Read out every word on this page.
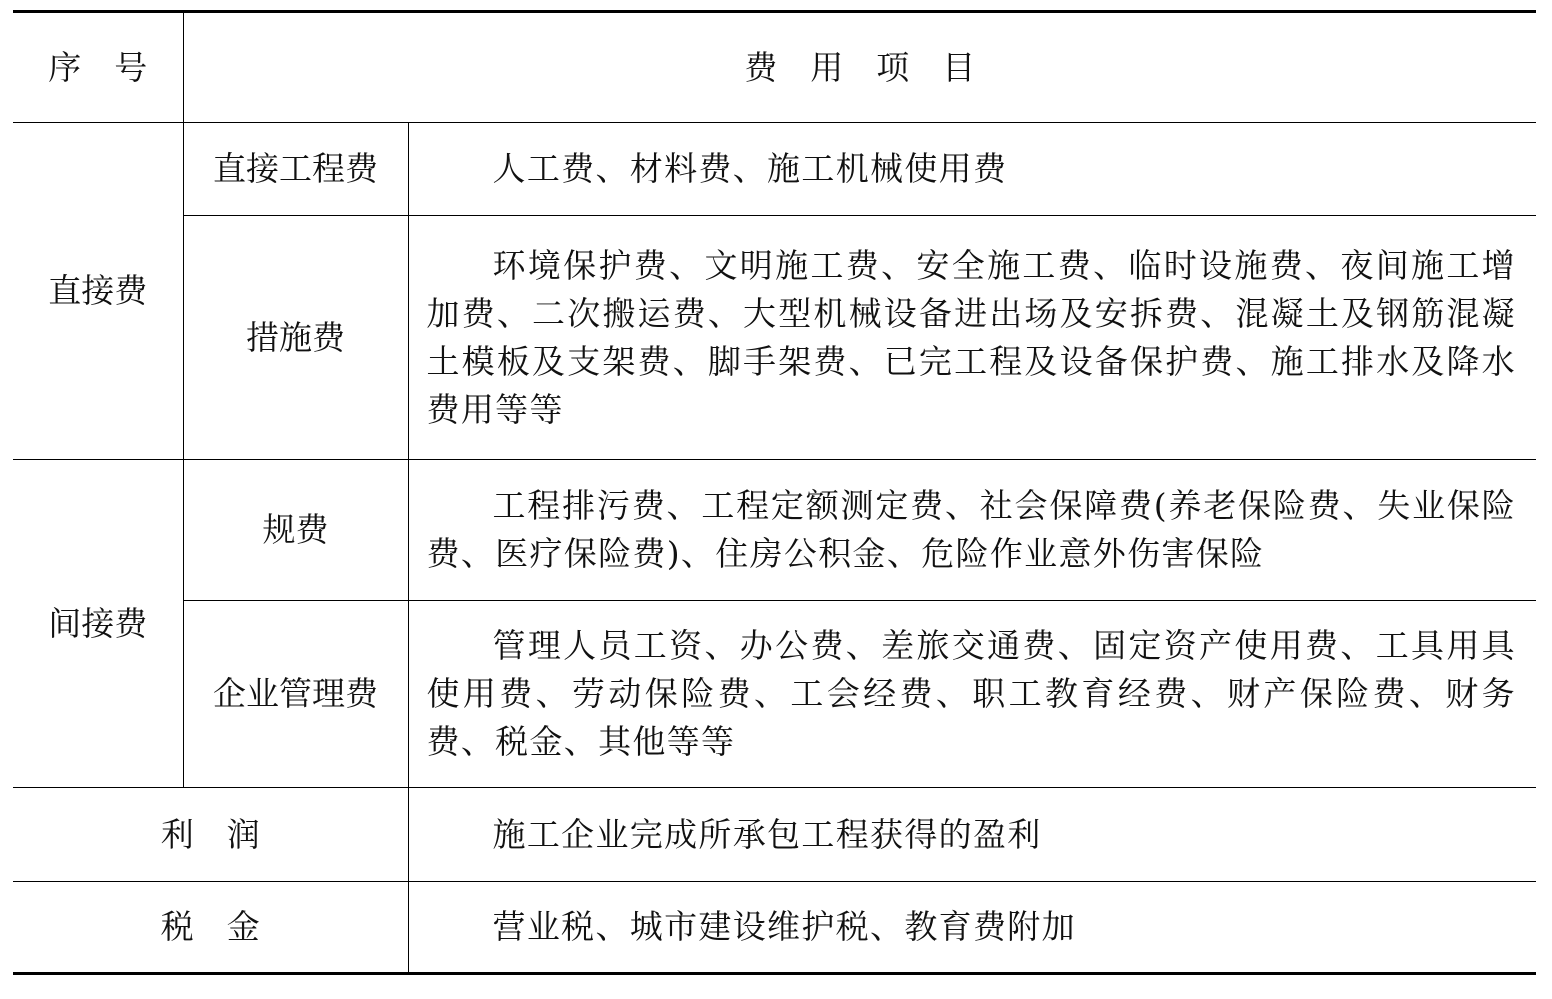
序　号	费　用　项　目	
直接费	直接工程费	人工费、材料费、施工机械使用费

	措施费	环境保护费、文明施工费、安全施工费、临时设施费、夜间施工增加费、二次搬运费、大型机械设备进出场及安拆费、混凝土及钢筋混凝土模板及支架费、脚手架费、已完工程及设备保护费、施工排水及降水费用等等

间接费	规费	工程排污费、工程定额测定费、社会保障费(养老保险费、失业保险费、医疗保险费)、住房公积金、危险作业意外伤害保险

	企业管理费	管理人员工资、办公费、差旅交通费、固定资产使用费、工具用具使用费、劳动保险费、工会经费、职工教育经费、财产保险费、财务费、税金、其他等等

利　润		施工企业完成所承包工程获得的盈利

税　金		营业税、城市建设维护税、教育费附加
